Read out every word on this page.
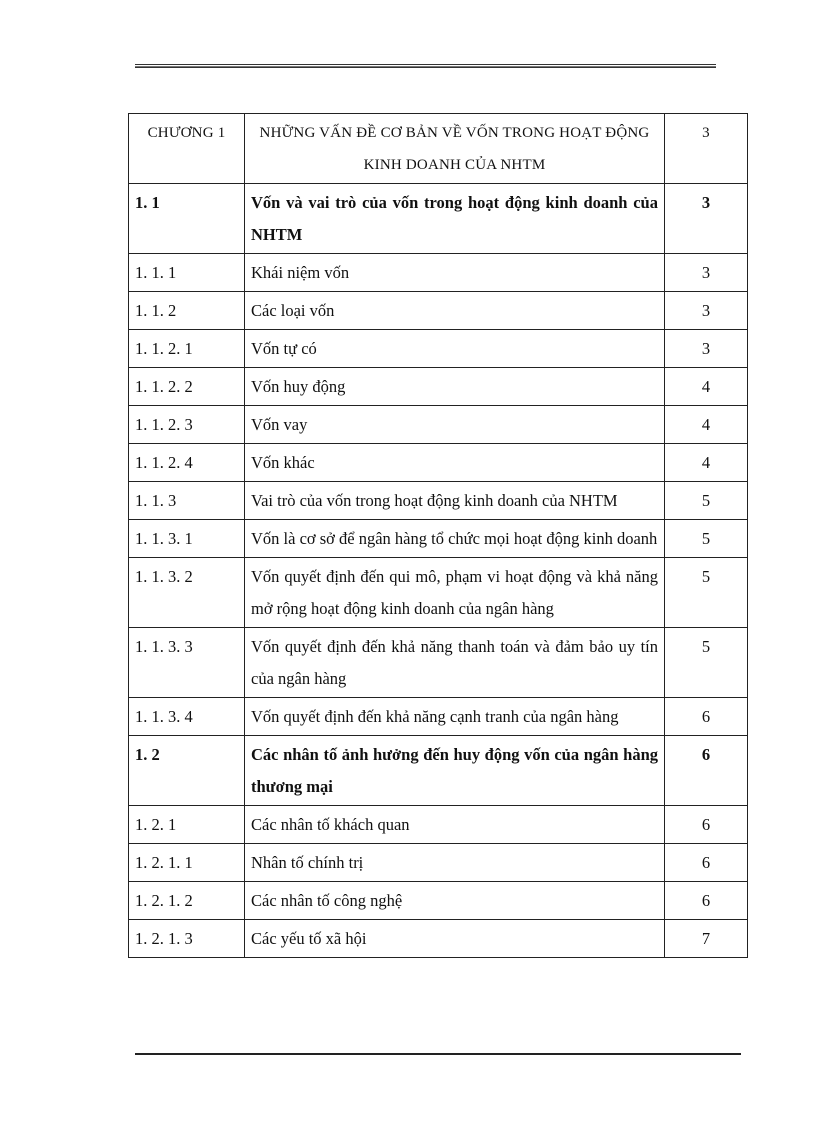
CHƯƠNG 1	NHỮNG VẤN ĐỀ CƠ BẢN VỀ VỐN TRONG HOẠT ĐỘNG KINH DOANH CỦA NHTM	3
1. 1	Vốn và vai trò của vốn trong hoạt động kinh doanh của NHTM	3
1. 1. 1	Khái niệm vốn	3
1. 1. 2	Các loại vốn	3
1. 1. 2. 1	Vốn tự có	3
1. 1. 2. 2	Vốn huy động	4
1. 1. 2. 3	Vốn vay	4
1. 1. 2. 4	Vốn khác	4
1. 1. 3	Vai trò của vốn trong hoạt động kinh doanh của NHTM	5
1. 1. 3. 1	Vốn là cơ sở để ngân hàng tổ chức mọi hoạt động kinh doanh	5
1. 1. 3. 2	Vốn quyết định đến qui mô, phạm vi hoạt động và khả năng mở rộng hoạt động kinh doanh của ngân hàng	5
1. 1. 3. 3	Vốn quyết định đến khả năng thanh toán và đảm bảo uy tín của ngân hàng	5
1. 1. 3. 4	Vốn quyết định đến khả năng cạnh tranh của ngân hàng	6
1. 2	Các nhân tố ảnh hưởng đến huy động vốn của ngân hàng thương mại	6
1. 2. 1	Các nhân tố khách quan	6
1. 2. 1. 1	Nhân tố chính trị	6
1. 2. 1. 2	Các nhân tố công nghệ	6
1. 2. 1. 3	Các yếu tố xã hội	7
